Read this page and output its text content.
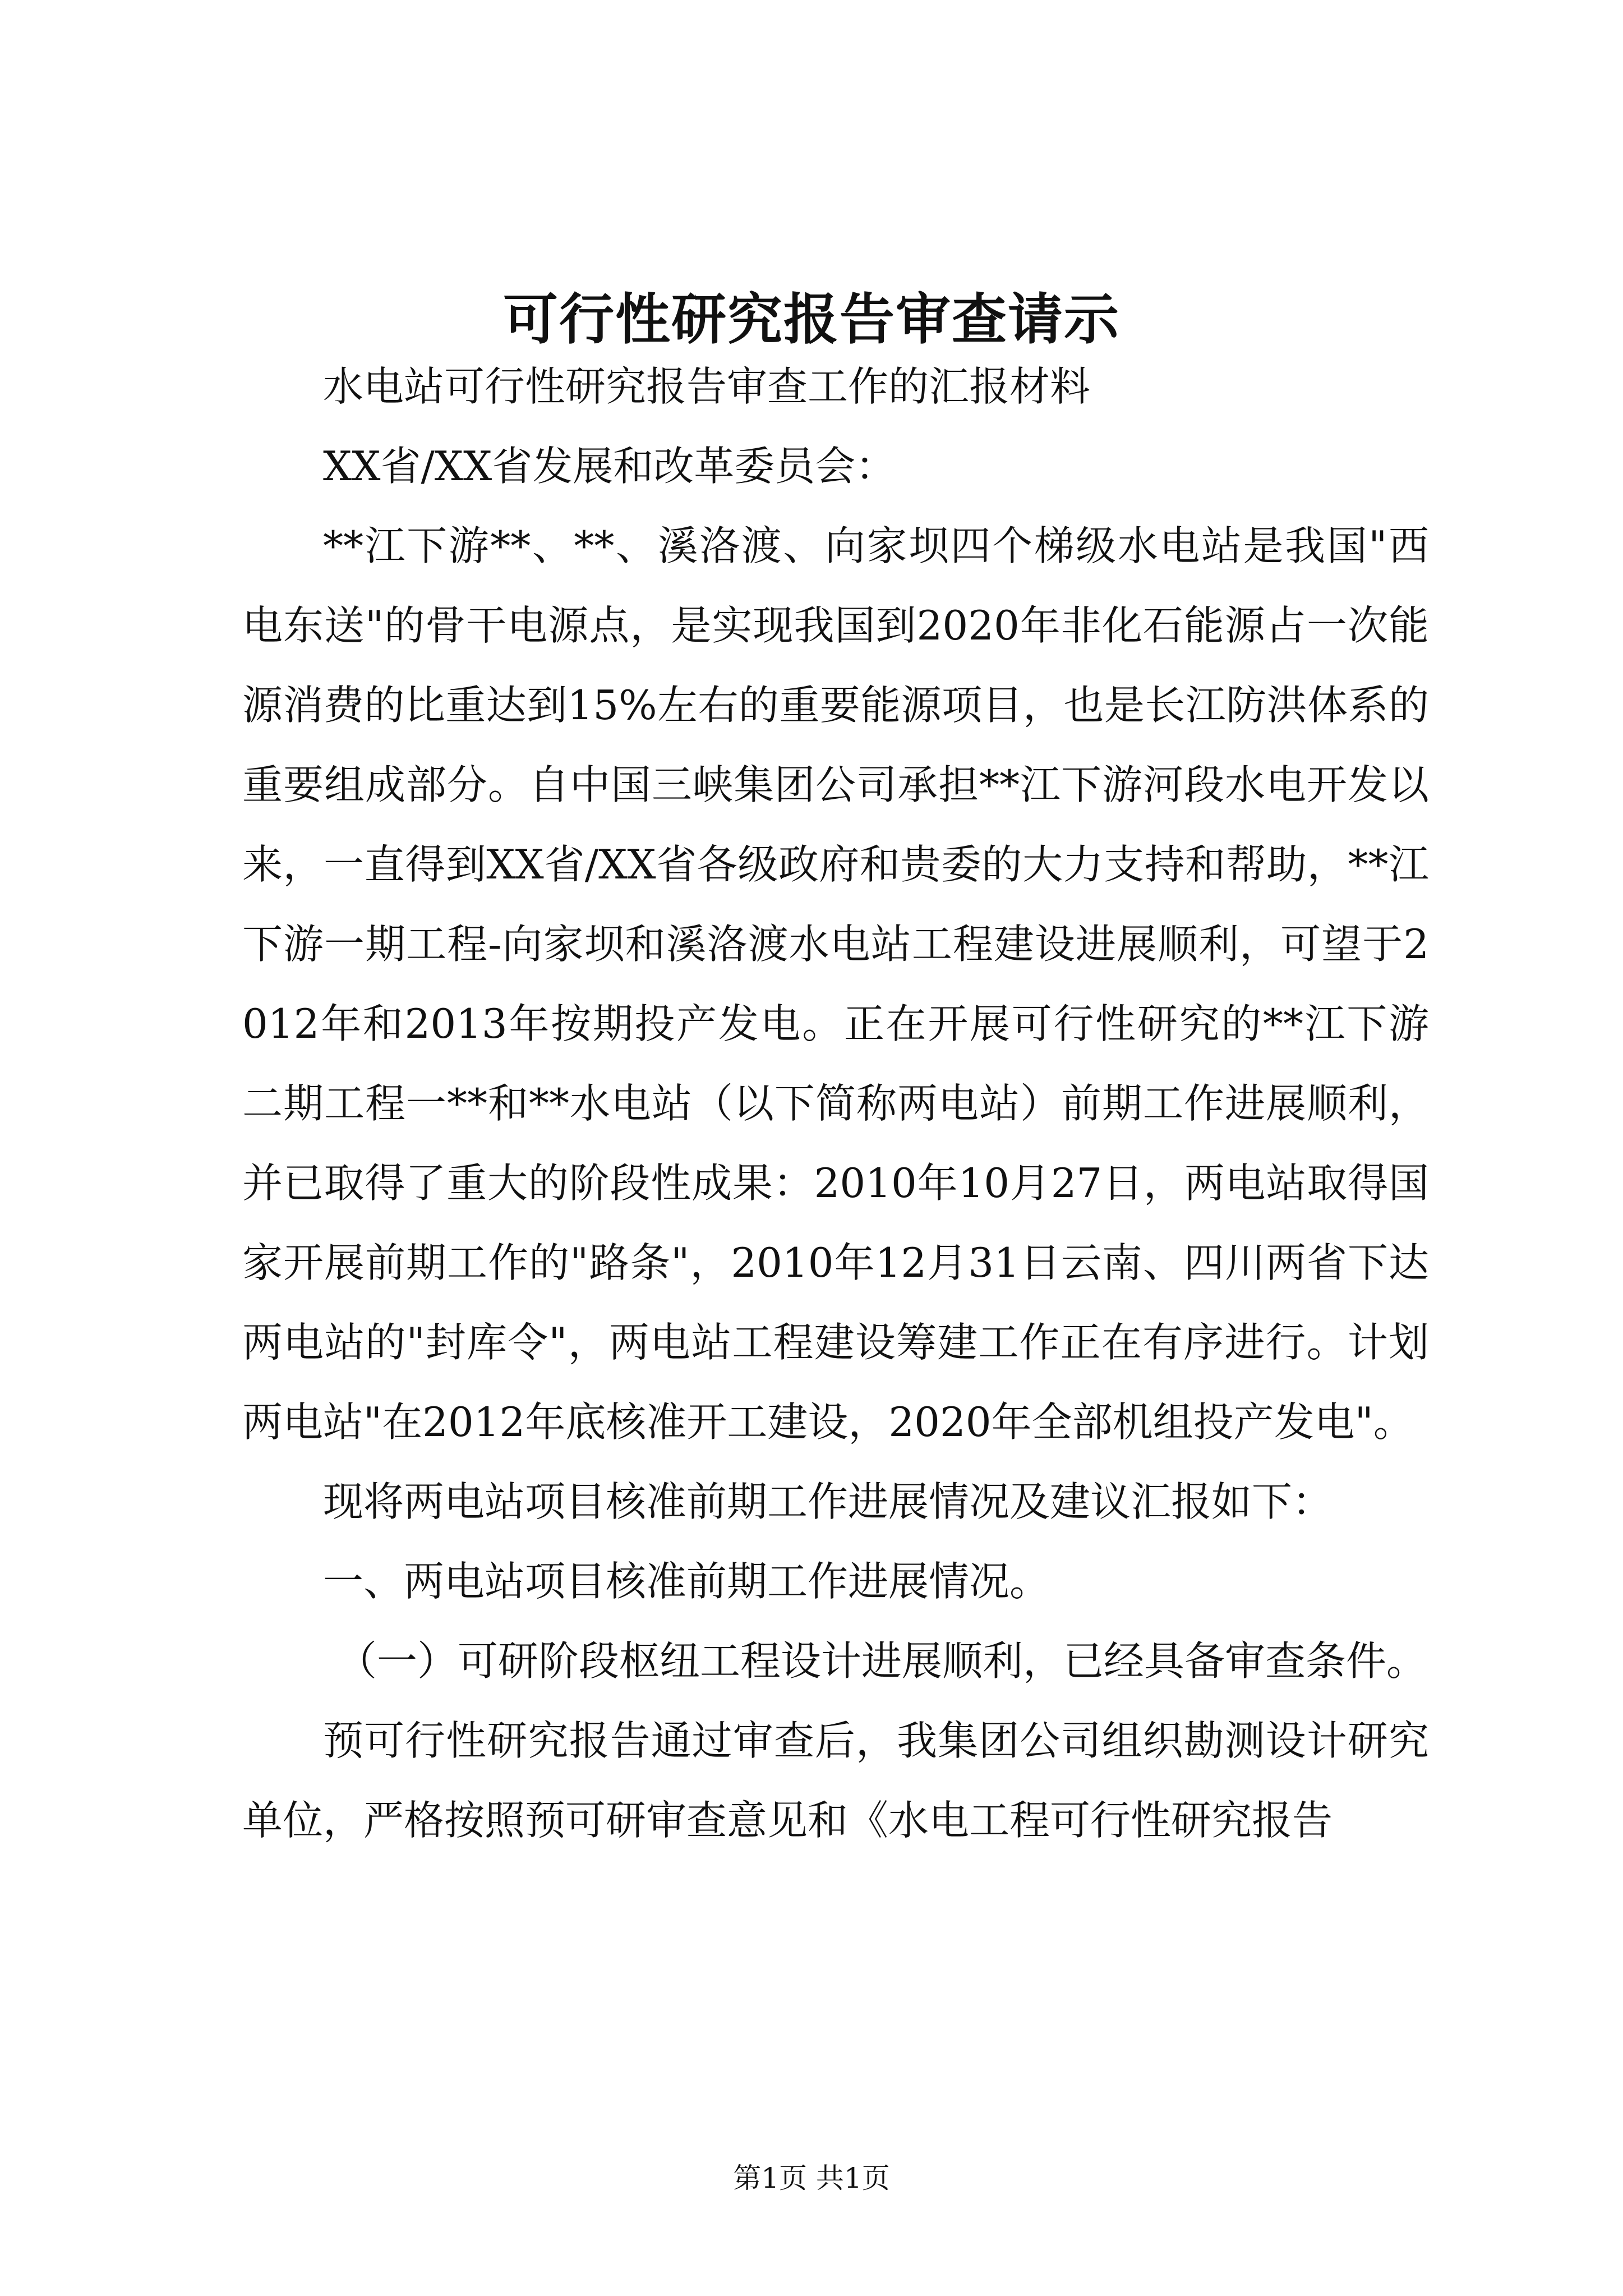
可行性研究报告审查请示

水电站可行性研究报告审查工作的汇报材料

XX省/XX省发展和改革委员会：

**江下游**、**、溪洛渡、向家坝四个梯级水电站是我国"西电东送"的骨干电源点，是实现我国到2020年非化石能源占一次能源消费的比重达到15%左右的重要能源项目，也是长江防洪体系的重要组成部分。自中国三峡集团公司承担**江下游河段水电开发以来，一直得到XX省/XX省各级政府和贵委的大力支持和帮助，**江下游一期工程-向家坝和溪洛渡水电站工程建设进展顺利，可望于2012年和2013年按期投产发电。正在开展可行性研究的**江下游二期工程一**和**水电站（以下简称两电站）前期工作进展顺利，并已取得了重大的阶段性成果：2010年10月27日，两电站取得国家开展前期工作的"路条"，2010年12月31日云南、四川两省下达两电站的"封库令"，两电站工程建设筹建工作正在有序进行。计划两电站"在2012年底核准开工建设，2020年全部机组投产发电"。

现将两电站项目核准前期工作进展情况及建议汇报如下：

一、两电站项目核准前期工作进展情况。

（一）可研阶段枢纽工程设计进展顺利，已经具备审查条件。

预可行性研究报告通过审查后，我集团公司组织勘测设计研究单位，严格按照预可研审查意见和《水电工程可行性研究报告

第1页 共1页
